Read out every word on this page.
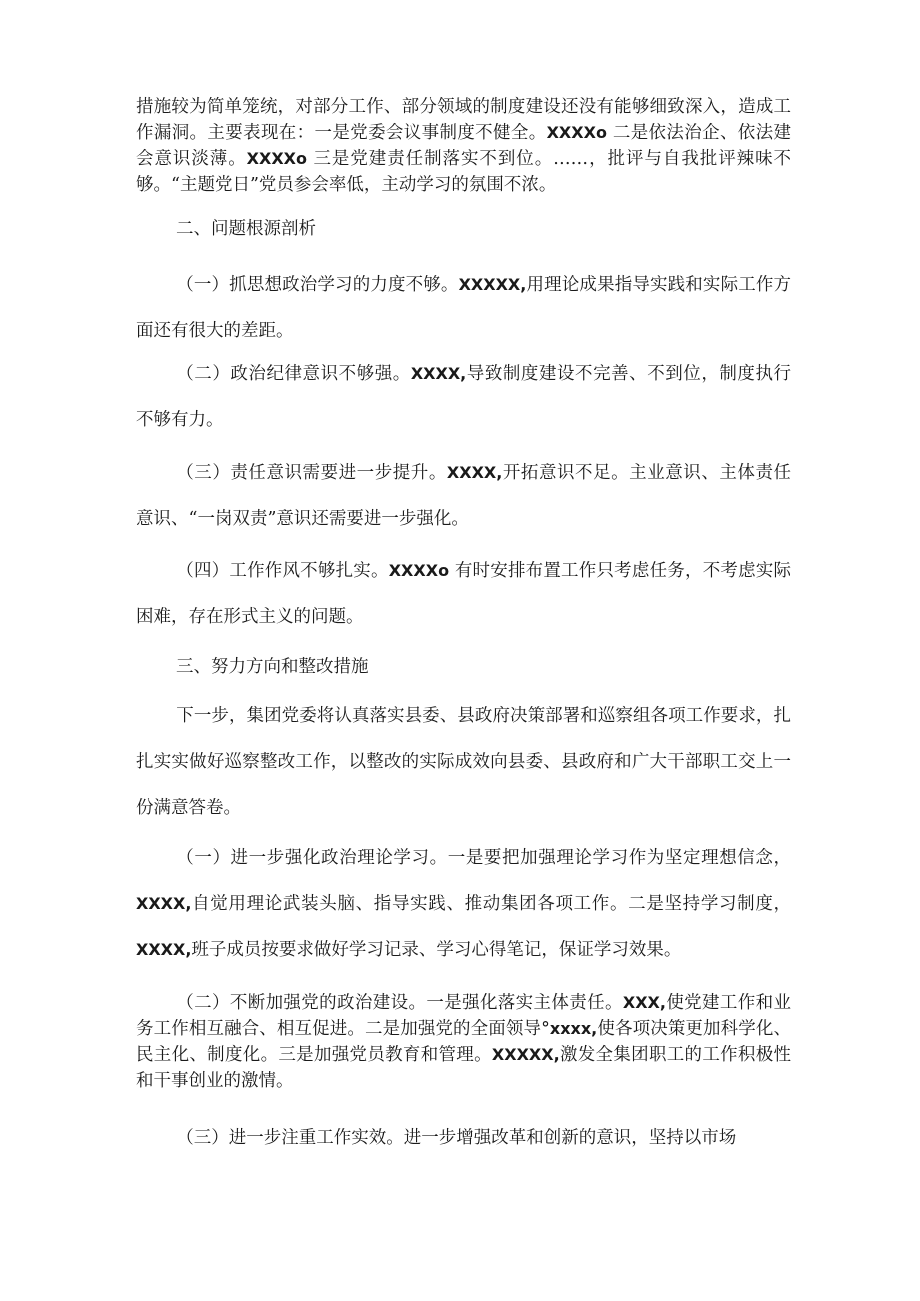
措施较为简单笼统，对部分工作、部分领域的制度建设还没有能够细致深入，造成工作漏洞。主要表现在：一是党委会议事制度不健全。XXXXo 二是依法治企、依法建会意识淡薄。XXXXo 三是党建责任制落实不到位。……，批评与自我批评辣味不够。“主题党日”党员参会率低，主动学习的氛围不浓。

二、问题根源剖析

（一）抓思想政治学习的力度不够。XXXXX,用理论成果指导实践和实际工作方面还有很大的差距。

（二）政治纪律意识不够强。XXXX,导致制度建设不完善、不到位，制度执行不够有力。

（三）责任意识需要进一步提升。XXXX,开拓意识不足。主业意识、主体责任意识、“一岗双责”意识还需要进一步强化。

（四）工作作风不够扎实。XXXXo 有时安排布置工作只考虑任务，不考虑实际困难，存在形式主义的问题。

三、努力方向和整改措施

下一步，集团党委将认真落实县委、县政府决策部署和巡察组各项工作要求，扎扎实实做好巡察整改工作，以整改的实际成效向县委、县政府和广大干部职工交上一份满意答卷。

（一）进一步强化政治理论学习。一是要把加强理论学习作为坚定理想信念，XXXX,自觉用理论武装头脑、指导实践、推动集团各项工作。二是坚持学习制度，XXXX,班子成员按要求做好学习记录、学习心得笔记，保证学习效果。

（二）不断加强党的政治建设。一是强化落实主体责任。XXX,使党建工作和业务工作相互融合、相互促进。二是加强党的全面领导°xxxx,使各项决策更加科学化、民主化、制度化。三是加强党员教育和管理。XXXXX,激发全集团职工的工作积极性和干事创业的激情。

（三）进一步注重工作实效。进一步增强改革和创新的意识，坚持以市场
